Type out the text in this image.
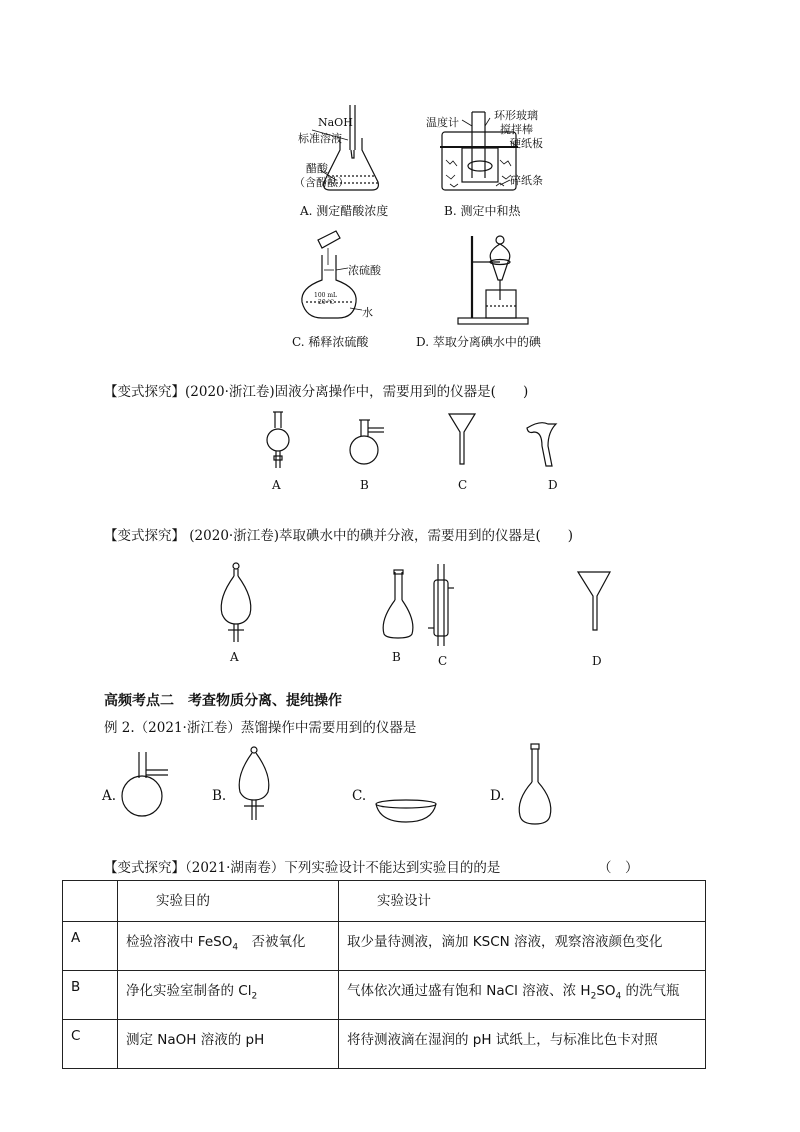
NaOH
标准溶液
醋酸
（含酚酞）
A. 测定醋酸浓度
温度计
环形玻璃
搅拌棒
硬纸板
碎纸条
B. 测定中和热
浓硫酸
100 mL
20 ℃
水
C. 稀释浓硫酸	D. 萃取分离碘水中的碘
【变式探究】(2020·浙江卷)固液分离操作中，需要用到的仪器是(　　)
A	B	C	D
【变式探究】 (2020·浙江卷)萃取碘水中的碘并分液，需要用到的仪器是(　　)
A	B	C	D
高频考点二　考查物质分离、提纯操作
例 2.（2021·浙江卷）蒸馏操作中需要用到的仪器是
A.	B.	C.	D.
【变式探究】（2021·湖南卷）下列实验设计不能达到实验目的的是	（　）
	实验目的	实验设计
A	检验溶液中 FeSO$_4$　否被氧化	取少量待测液，滴加 KSCN 溶液，观察溶液颜色变化
B	净化实验室制备的 $Cl_2$	气体依次通过盛有饱和 NaCl 溶液、浓 $H_2SO_4$ 的洗气瓶
C	测定 NaOH 溶液的 pH	将待测液滴在湿润的 pH 试纸上，与标准比色卡对照
